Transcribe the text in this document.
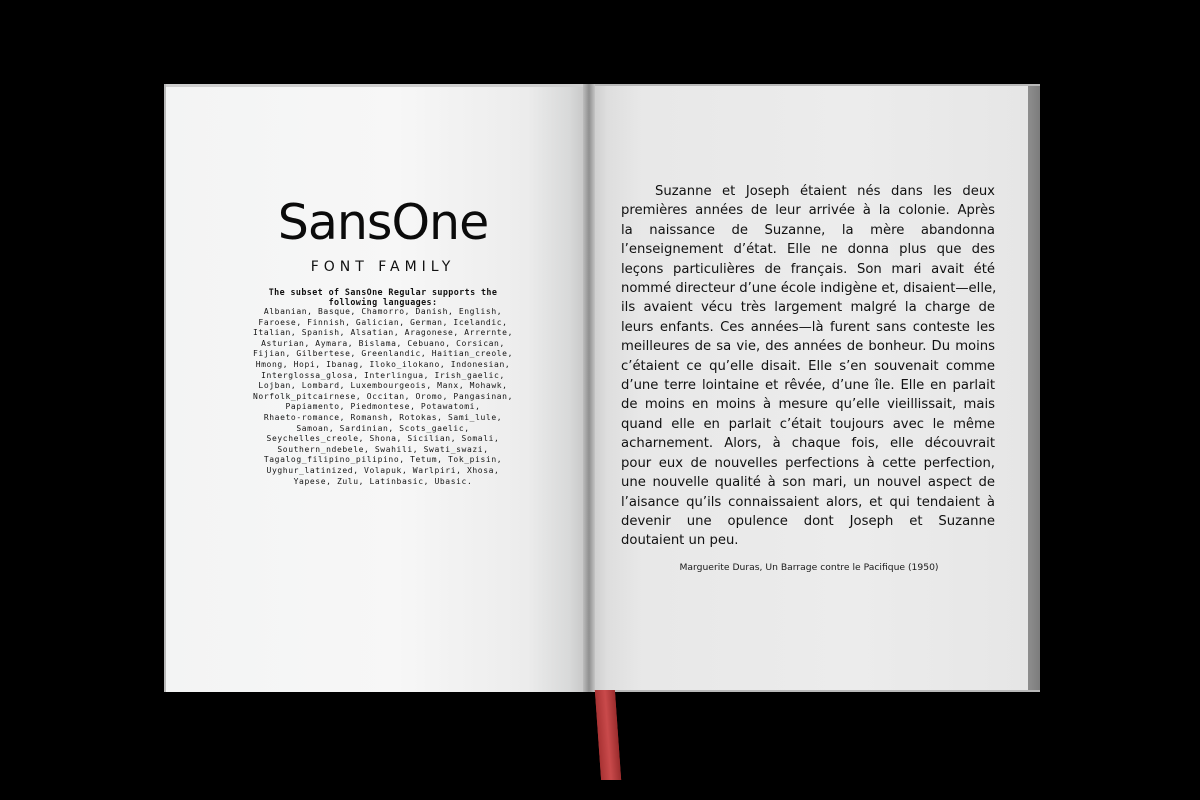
SansOne
FONT FAMILY
The subset of SansOne Regular supports the
following languages:
Albanian, Basque, Chamorro, Danish, English,
Faroese, Finnish, Galician, German, Icelandic,
Italian, Spanish, Alsatian, Aragonese, Arrernte,
Asturian, Aymara, Bislama, Cebuano, Corsican,
Fijian, Gilbertese, Greenlandic, Haitian_creole,
Hmong, Hopi, Ibanag, Iloko_ilokano, Indonesian,
Interglossa_glosa, Interlingua, Irish_gaelic,
Lojban, Lombard, Luxembourgeois, Manx, Mohawk,
Norfolk_pitcairnese, Occitan, Oromo, Pangasinan,
Papiamento, Piedmontese, Potawatomi,
Rhaeto-romance, Romansh, Rotokas, Sami_lule,
Samoan, Sardinian, Scots_gaelic,
Seychelles_creole, Shona, Sicilian, Somali,
Southern_ndebele, Swahili, Swati_swazi,
Tagalog_filipino_pilipino, Tetum, Tok_pisin,
Uyghur_latinized, Volapuk, Warlpiri, Xhosa,
Yapese, Zulu, Latinbasic, Ubasic.
Suzanne et Joseph étaient nés dans les deux
premières années de leur arrivée à la colonie. Après
la naissance de Suzanne, la mère abandonna
l’enseignement d’état. Elle ne donna plus que des
leçons particulières de français. Son mari avait été
nommé directeur d’une école indigène et, disaient—elle,
ils avaient vécu très largement malgré la charge de
leurs enfants. Ces années—là furent sans conteste les
meilleures de sa vie, des années de bonheur. Du moins
c’étaient ce qu’elle disait. Elle s’en souvenait comme
d’une terre lointaine et rêvée, d’une île. Elle en parlait
de moins en moins à mesure qu’elle vieillissait, mais
quand elle en parlait c’était toujours avec le même
acharnement. Alors, à chaque fois, elle découvrait
pour eux de nouvelles perfections à cette perfection,
une nouvelle qualité à son mari, un nouvel aspect de
l’aisance qu’ils connaissaient alors, et qui tendaient à
devenir une opulence dont Joseph et Suzanne
doutaient un peu.
Marguerite Duras, Un Barrage contre le Pacifique (1950)
